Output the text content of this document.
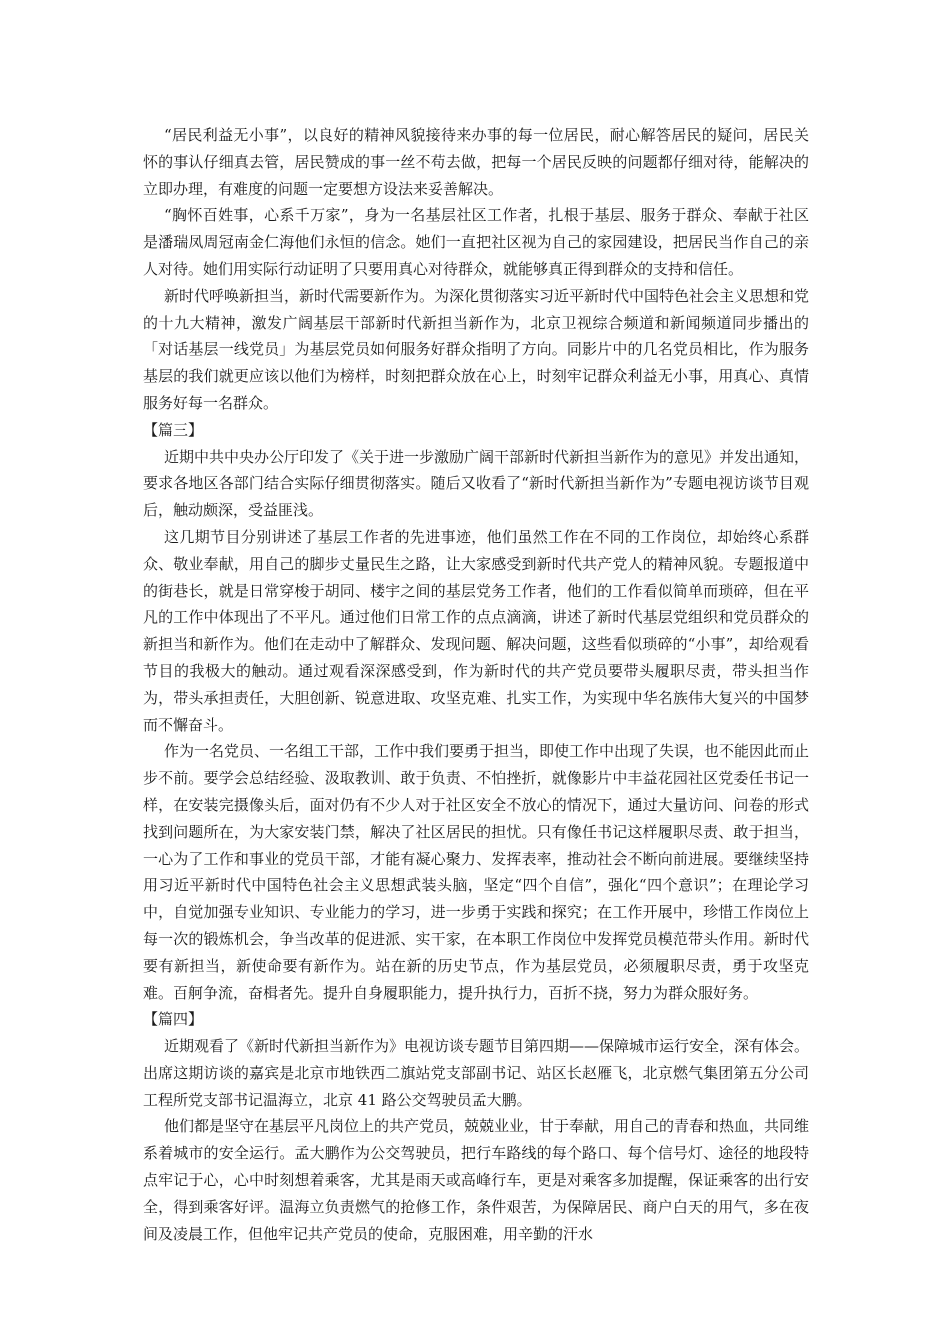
“居民利益无小事”，以良好的精神风貌接待来办事的每一位居民，耐心解答居民的疑问，居民关怀的事认仔细真去管，居民赞成的事一丝不苟去做，把每一个居民反映的问题都仔细对待，能解决的立即办理，有难度的问题一定要想方设法来妥善解决。

“胸怀百姓事，心系千万家”，身为一名基层社区工作者，扎根于基层、服务于群众、奉献于社区是潘瑞凤周冠南金仁海他们永恒的信念。她们一直把社区视为自己的家园建设，把居民当作自己的亲人对待。她们用实际行动证明了只要用真心对待群众，就能够真正得到群众的支持和信任。

新时代呼唤新担当，新时代需要新作为。为深化贯彻落实习近平新时代中国特色社会主义思想和党的十九大精神，激发广阔基层干部新时代新担当新作为，北京卫视综合频道和新闻频道同步播出的「对话基层一线党员」为基层党员如何服务好群众指明了方向。同影片中的几名党员相比，作为服务基层的我们就更应该以他们为榜样，时刻把群众放在心上，时刻牢记群众利益无小事，用真心、真情服务好每一名群众。

【篇三】

近期中共中央办公厅印发了《关于进一步激励广阔干部新时代新担当新作为的意见》并发出通知，要求各地区各部门结合实际仔细贯彻落实。随后又收看了“新时代新担当新作为”专题电视访谈节目观后，触动颇深，受益匪浅。

这几期节目分别讲述了基层工作者的先进事迹，他们虽然工作在不同的工作岗位，却始终心系群众、敬业奉献，用自己的脚步丈量民生之路，让大家感受到新时代共产党人的精神风貌。专题报道中的街巷长，就是日常穿梭于胡同、楼宇之间的基层党务工作者，他们的工作看似简单而琐碎，但在平凡的工作中体现出了不平凡。通过他们日常工作的点点滴滴，讲述了新时代基层党组织和党员群众的新担当和新作为。他们在走动中了解群众、发现问题、解决问题，这些看似琐碎的“小事”，却给观看节目的我极大的触动。通过观看深深感受到，作为新时代的共产党员要带头履职尽责，带头担当作为，带头承担责任，大胆创新、锐意进取、攻坚克难、扎实工作，为实现中华名族伟大复兴的中国梦而不懈奋斗。

作为一名党员、一名组工干部，工作中我们要勇于担当，即使工作中出现了失误，也不能因此而止步不前。要学会总结经验、汲取教训、敢于负责、不怕挫折，就像影片中丰益花园社区党委任书记一样，在安装完摄像头后，面对仍有不少人对于社区安全不放心的情况下，通过大量访问、问卷的形式找到问题所在，为大家安装门禁，解决了社区居民的担忧。只有像任书记这样履职尽责、敢于担当，一心为了工作和事业的党员干部，才能有凝心聚力、发挥表率，推动社会不断向前进展。要继续坚持用习近平新时代中国特色社会主义思想武装头脑，坚定“四个自信”，强化“四个意识”；在理论学习中，自觉加强专业知识、专业能力的学习，进一步勇于实践和探究；在工作开展中，珍惜工作岗位上每一次的锻炼机会，争当改革的促进派、实干家，在本职工作岗位中发挥党员模范带头作用。新时代要有新担当，新使命要有新作为。站在新的历史节点，作为基层党员，必须履职尽责，勇于攻坚克难。百舸争流，奋楫者先。提升自身履职能力，提升执行力，百折不挠，努力为群众服好务。

【篇四】

近期观看了《新时代新担当新作为》电视访谈专题节目第四期——保障城市运行安全，深有体会。出席这期访谈的嘉宾是北京市地铁西二旗站党支部副书记、站区长赵雁飞，北京燃气集团第五分公司工程所党支部书记温海立，北京 41 路公交驾驶员孟大鹏。

他们都是坚守在基层平凡岗位上的共产党员，兢兢业业，甘于奉献，用自己的青春和热血，共同维系着城市的安全运行。孟大鹏作为公交驾驶员，把行车路线的每个路口、每个信号灯、途径的地段特点牢记于心，心中时刻想着乘客，尤其是雨天或高峰行车，更是对乘客多加提醒，保证乘客的出行安全，得到乘客好评。温海立负责燃气的抢修工作，条件艰苦，为保障居民、商户白天的用气，多在夜间及凌晨工作，但他牢记共产党员的使命，克服困难，用辛勤的汗水
